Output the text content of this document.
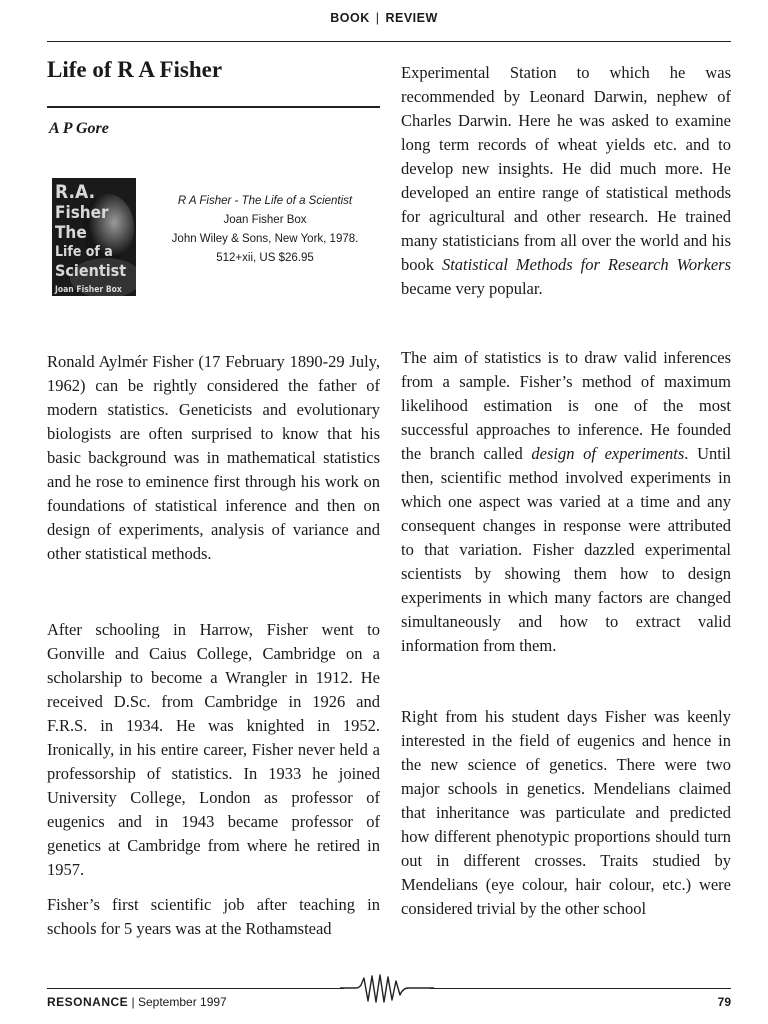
BOOK | REVIEW
Life of R A Fisher
A P Gore
R.A.
Fisher
The
Life of a
Scientist
Joan Fisher Box
R A Fisher - The Life of a Scientist
Joan Fisher Box
John Wiley & Sons, New York, 1978.
512+xii, US $26.95

Ronald Aylmér Fisher (17 February 1890-29 July, 1962) can be rightly considered the father of modern statistics. Geneticists and evolutionary biologists are often surprised to know that his basic background was in mathematical statistics and he rose to eminence first through his work on foundations of statistical inference and then on design of experiments, analysis of variance and other statistical methods.

After schooling in Harrow, Fisher went to Gonville and Caius College, Cambridge on a scholarship to become a Wrangler in 1912. He received D.Sc. from Cambridge in 1926 and F.R.S. in 1934. He was knighted in 1952. Ironically, in his entire career, Fisher never held a professorship of statistics. In 1933 he joined University College, London as professor of eugenics and in 1943 became professor of genetics at Cambridge from where he retired in 1957.

Fisher’s first scientific job after teaching in schools for 5 years was at the Rothamstead

Experimental Station to which he was recommended by Leonard Darwin, nephew of Charles Darwin. Here he was asked to examine long term records of wheat yields etc. and to develop new insights. He did much more. He developed an entire range of statistical methods for agricultural and other research. He trained many statisticians from all over the world and his book Statistical Methods for Research Workers became very popular.

The aim of statistics is to draw valid inferences from a sample. Fisher’s method of maximum likelihood estimation is one of the most successful approaches to inference. He founded the branch called design of experiments. Until then, scientific method involved experiments in which one aspect was varied at a time and any consequent changes in response were attributed to that variation. Fisher dazzled experimental scientists by showing them how to design experiments in which many factors are changed simultaneously and how to extract valid information from them.

Right from his student days Fisher was keenly interested in the field of eugenics and hence in the new science of genetics. There were two major schools in genetics. Mendelians claimed that inheritance was particulate and predicted how different phenotypic proportions should turn out in different crosses. Traits studied by Mendelians (eye colour, hair colour, etc.) were considered trivial by the other school

RESONANCE | September 1997	79
